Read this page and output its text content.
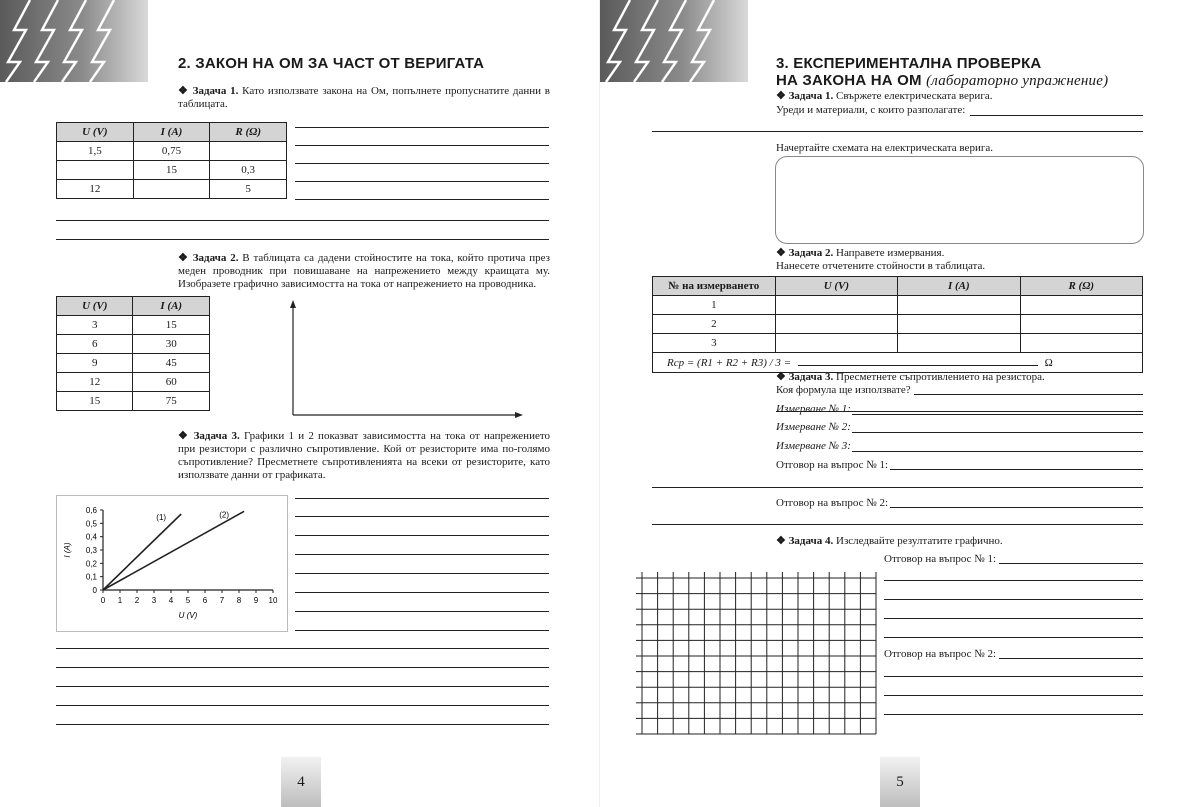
2. ЗАКОН НА ОМ ЗА ЧАСТ ОТ ВЕРИГАТА
❖ Задача 1. Като използвате закона на Ом, попълнете пропуснатите данни в таблицата.
U (V)	I (A)	R (Ω)
1,5	0,75	
	15	0,3
12		5
❖ Задача 2. В таблицата са дадени стойностите на тока, който протича през меден проводник при повишаване на напрежението между краищата му. Изобразете графично зависимостта на тока от напрежението на проводника.
U (V)	I (A)
3	15
6	30
9	45
12	60
15	75
❖ Задача 3. Графики 1 и 2 показват зависимостта на тока от напрежението при резистори с различно съпротивление. Кой от резисторите има по-голямо съпротивление? Пресметнете съпротивленията на всеки от резисторите, като използвате данни от графиката.
0 1 2 3 4 5 6 7 8 9 10
0
0,1
0,2
0,3
0,4
0,5
0,6
U (V)
I (A)
(1)	(2)
4
3. ЕКСПЕРИМЕНТАЛНА ПРОВЕРКА
НА ЗАКОНА НА ОМ (лабораторно упражнение)
❖ Задача 1. Свържете електрическата верига.
Уреди и материали, с които разполагате:
Начертайте схемата на електрическата верига.
❖ Задача 2. Направете измервания.
Нанесете отчетените стойности в таблицата.
№ на измерването	U (V)	I (A)	R (Ω)
1			
2			
3			
Rср = (R1 + R2 + R3) / 3 = Ω			
❖ Задача 3. Пресметнете съпротивлението на резистора.
Коя формула ще използвате?
Измерване № 1:
Измерване № 2:
Измерване № 3:
Отговор на въпрос № 1:
Отговор на въпрос № 2:
❖ Задача 4. Изследвайте резултатите графично.
Отговор на въпрос № 1:
Отговор на въпрос № 2:
5
